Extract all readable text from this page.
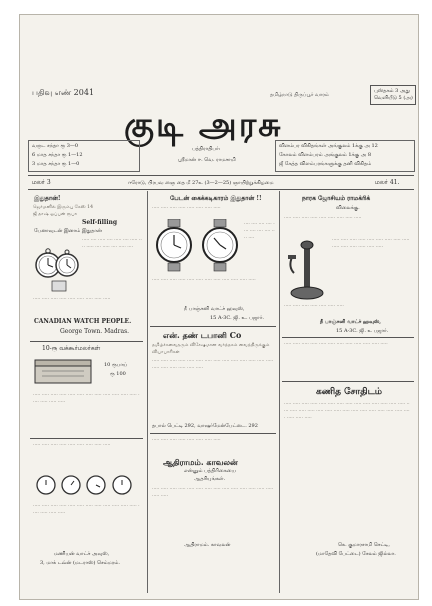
பதிவு எண் 2041	தமிழ்நாடு திருப்பூர் வாரம்
புஸ்தகம் 3 அது
வெளியீடு 5 (அ)
குடி அரசு
வருட சந்தா ரூ 3—0
6 மாத சந்தா ரூ 1—12
3 மாத சந்தா ரூ 1—0
பத்திராதிபர்:
ஸ்ரீமான் ஈ. வெ. ராமசாமி
விளம்பர விகிதங்கள் அங்குலம் 1க்கு அ 12
கோலம் விளம்பரம் அங்குலம் 1க்கு அ 8
ஜீ கேத்த விளம்பரங்களுக்கு தனி விகிதம்
மலர் 3	ஈரோடு, பிரபவ ஞை தை மீ 27உ (3—2—25) ஞாயிற்றுக்கிழமை	மலர் 41.
இதுதான்!
ஜெர்மனில் இரும்பு கேஸ் 14 ஜீ தாஷ் ஓப்பன் ரூபா
Self-filling
பேனாவுடன் இனாம் இதுதான்
····· ···· ····· ···· ····· ···· ····· ···· ····· ···· ····· ···· ····· ····
····· ····· ····· ····· ····· ····· ····· ····· ·····
CANADIAN WATCH PEOPLE.
George Town. Madras.
10-ரூ வக்கூர்மலர்கள்
10 ரூபாய்
ரூ 100
····· ····· ····· ····· ····· ····· ····· ····· ····· ····· ····· ····· ····· ····· ····· ·····
····· ····· ····· ····· ····· ····· ····· ····· ·····
····· ····· ····· ····· ····· ····· ····· ····· ····· ····· ····· ····· ····· ····· ····· ·····
மணியன் வாட்ச் அவுஸ்,
3, மாக் டவ்ன் (மடராஸ்) செம்மரம்.
பேடன் கைக்கடிகாரம் இதுதான் !!
····· ····· ····· ····· ····· ····· ····· ·····
···· ···· ···· ···· ···· ···· ···· ···· ···· ····
····· ····· ····· ····· ····· ····· ····· ····· ····· ····· ····· ·····
நீ பாஞ்சனி வாட்ச் ஹவுஸ்,
15 A-3C. ஜி. உ. பஜார்.
என். தண் டபானி Co
தமிழ்ச்சுவைதரும் விசேஷமான வர்த்தகம் வைத்திருக்கும் வியாபாரிகள்
····· ····· ····· ····· ····· ····· ····· ····· ····· ····· ····· ····· ····· ····· ····· ····· ····· ····· ····· ·····
தபால் பெட்டி 292, வாஷர்மேன்பேட்டை. 292
····· ····· ····· ····· ····· ····· ····· ·····
ஆதிராமம். காவலன்
என்னும் பத்திரிகையை
ஆதரியுங்கள்.
····· ····· ····· ····· ····· ····· ····· ····· ····· ····· ····· ····· ····· ····· ····· ·····
ஆதிராமம். காவலன்
நாரக ஜோசியம் ராமக்ரிக்
விலைக்கு.
····· ····· ····· ····· ····· ····· ····· ····· ·····
····· ····· ····· ····· ····· ····· ····· ····· ····· ····· ····· ····· ····· ····· ·····
····· ····· ····· ····· ····· ····· ·····
நீ பாஞ்சனி வாட்ச் ஹவுஸ்,
15 A-3C. ஜி. உ பஜார்.
····· ····· ····· ····· ····· ····· ····· ····· ····· ····· ····· ·····
கணித சோதிடம்
····· ····· ····· ····· ····· ····· ····· ····· ····· ····· ····· ····· ····· ····· ····· ····· ····· ····· ····· ····· ····· ····· ····· ····· ····· ····· ····· ····· ····· ····· ····· ·····
கெ. குமாரசாமி செட்டி,
(மாதேவி பேட்டை) சேலம் ஜில்லா.
